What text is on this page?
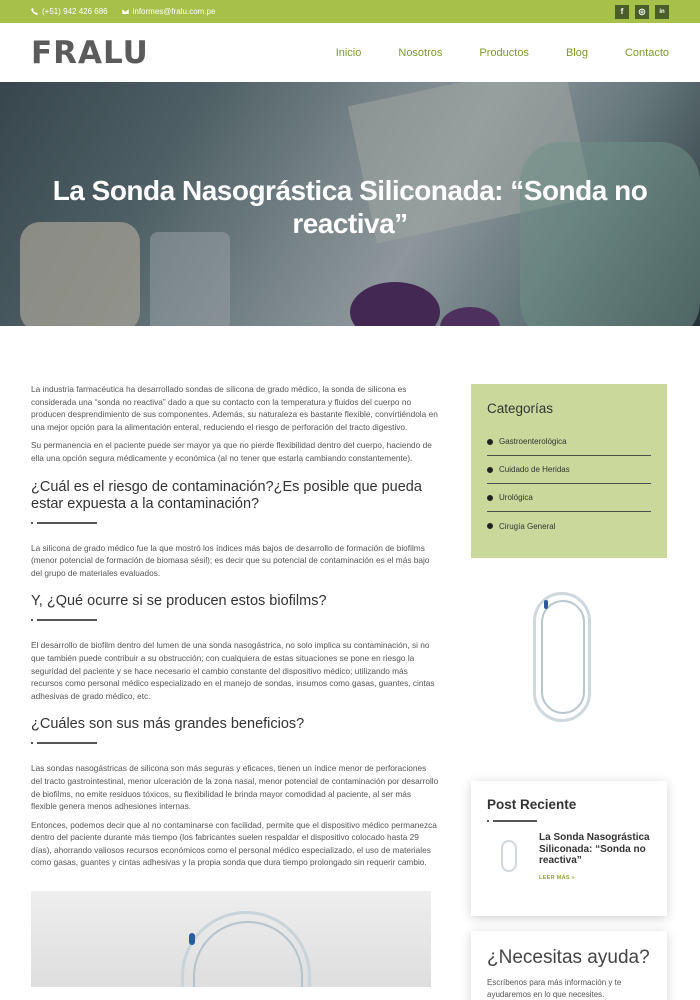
(+51) 942 426 686	informes@fralu.com.pe	f	◎	in
FRALU	Inicio	Nosotros	Productos	Blog	Contacto
La Sonda Nasográstica Siliconada: “Sonda no reactiva”

La industria farmacéutica ha desarrollado sondas de silicona de grado médico, la sonda de silicona es considerada una “sonda no reactiva” dado a que su contacto con la temperatura y fluidos del cuerpo no producen desprendimiento de sus componentes. Además, su naturaleza es bastante flexible, convirtiéndola en una mejor opción para la alimentación enteral, reduciendo el riesgo de perforación del tracto digestivo.

Su permanencia en el paciente puede ser mayor ya que no pierde flexibilidad dentro del cuerpo, haciendo de ella una opción segura médicamente y económica (al no tener que estarla cambiando constantemente).

¿Cuál es el riesgo de contaminación?¿Es posible que pueda estar expuesta a la contaminación?

La silicona de grado médico fue la que mostró los índices más bajos de desarrollo de formación de biofilms (menor potencial de formación de biomasa sésil); es decir que su potencial de contaminación es el más bajo del grupo de materiales evaluados.

Y, ¿Qué ocurre si se producen estos biofilms?

El desarrollo de biofilm dentro del lumen de una sonda nasogástrica, no solo implica su contaminación, si no que también puede contribuir a su obstrucción; con cualquiera de estas situaciones se pone en riesgo la seguridad del paciente y se hace necesario el cambio constante del dispositivo médico; utilizando más recursos como personal médico especializado en el manejo de sondas, insumos como gasas, guantes, cintas adhesivas de grado médico, etc.

¿Cuáles son sus más grandes beneficios?

Las sondas nasogástricas de silicona son más seguras y eficaces, tienen un índice menor de perforaciones del tracto gastrointestinal, menor ulceración de la zona nasal, menor potencial de contaminación por desarrollo de biofilms, no emite residuos tóxicos, su flexibilidad le brinda mayor comodidad al paciente, al ser más flexible genera menos adhesiones internas.

Entonces, podemos decir que al no contaminarse con facilidad, permite que el dispositivo médico permanezca dentro del paciente durante más tiempo (los fabricantes suelen respaldar el dispositivo colocado hasta 29 días), ahorrando valiosos recursos económicos como el personal médico especializado, el uso de materiales como gasas, guantes y cintas adhesivas y la propia sonda que dura tiempo prolongado sin requerir cambio.

Categorías
Gastroenterológica
Cuidado de Heridas
Urológica
Cirugía General
Post Reciente
La Sonda Nasográstica Siliconada: “Sonda no reactiva”
LEER MÁS »
¿Necesitas ayuda?

Escríbenos para más información y te ayudaremos en lo que necesites.
